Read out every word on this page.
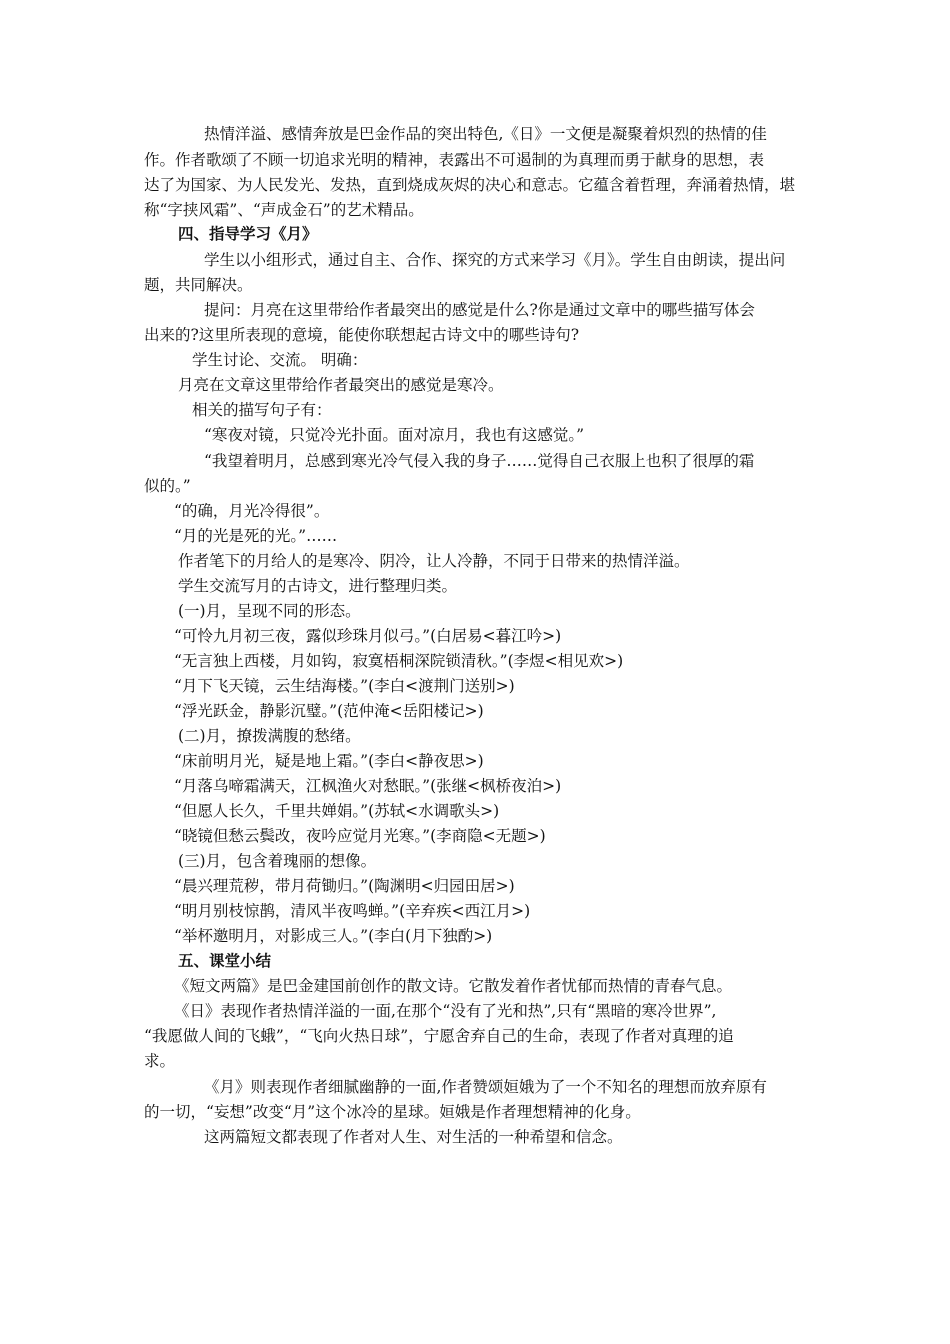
热情洋溢、感情奔放是巴金作品的突出特色,《日》一文便是凝聚着炽烈的热情的佳
作。作者歌颂了不顾一切追求光明的精神，表露出不可遏制的为真理而勇于献身的思想，表
达了为国家、为人民发光、发热，直到烧成灰烬的决心和意志。它蕴含着哲理，奔涌着热情，堪
称“字挟风霜”、“声成金石”的艺术精品。
四、指导学习《月》
学生以小组形式，通过自主、合作、探究的方式来学习《月》。学生自由朗读，提出问
题，共同解决。
提问：月亮在这里带给作者最突出的感觉是什么?你是通过文章中的哪些描写体会
出来的?这里所表现的意境，能使你联想起古诗文中的哪些诗句?
学生讨论、交流。 明确：
月亮在文章这里带给作者最突出的感觉是寒冷。
相关的描写句子有：
“寒夜对镜，只觉冷光扑面。面对凉月，我也有这感觉。”
“我望着明月，总感到寒光冷气侵入我的身子……觉得自己衣服上也积了很厚的霜
似的。”
“的确，月光冷得很”。
“月的光是死的光。”……
作者笔下的月给人的是寒冷、阴冷，让人冷静，不同于日带来的热情洋溢。
学生交流写月的古诗文，进行整理归类。
(一)月，呈现不同的形态。
“可怜九月初三夜，露似珍珠月似弓。”(白居易<暮江吟>)
“无言独上西楼，月如钩，寂寞梧桐深院锁清秋。”(李煜<相见欢>)
“月下飞天镜，云生结海楼。”(李白<渡荆门送别>)
“浮光跃金，静影沉璧。”(范仲淹<岳阳楼记>)
(二)月，撩拨满腹的愁绪。
“床前明月光，疑是地上霜。”(李白<静夜思>)
“月落乌啼霜满天，江枫渔火对愁眠。”(张继<枫桥夜泊>)
“但愿人长久，千里共婵娟。”(苏轼<水调歌头>)
“晓镜但愁云鬓改，夜吟应觉月光寒。”(李商隐<无题>)
(三)月，包含着瑰丽的想像。
“晨兴理荒秽，带月荷锄归。”(陶渊明<归园田居>)
“明月别枝惊鹊，清风半夜鸣蝉。”(辛弃疾<西江月>)
“举杯邀明月，对影成三人。”(李白(月下独酌>)
五、课堂小结
《短文两篇》是巴金建国前创作的散文诗。它散发着作者忧郁而热情的青春气息。
《日》表现作者热情洋溢的一面,在那个“没有了光和热”,只有“黑暗的寒冷世界”,
“我愿做人间的飞蛾”，“飞向火热日球”，宁愿舍弃自己的生命，表现了作者对真理的追
求。
《月》则表现作者细腻幽静的一面,作者赞颂姮娥为了一个不知名的理想而放弃原有
的一切，“妄想”改变“月”这个冰冷的星球。姮娥是作者理想精神的化身。
这两篇短文都表现了作者对人生、对生活的一种希望和信念。
